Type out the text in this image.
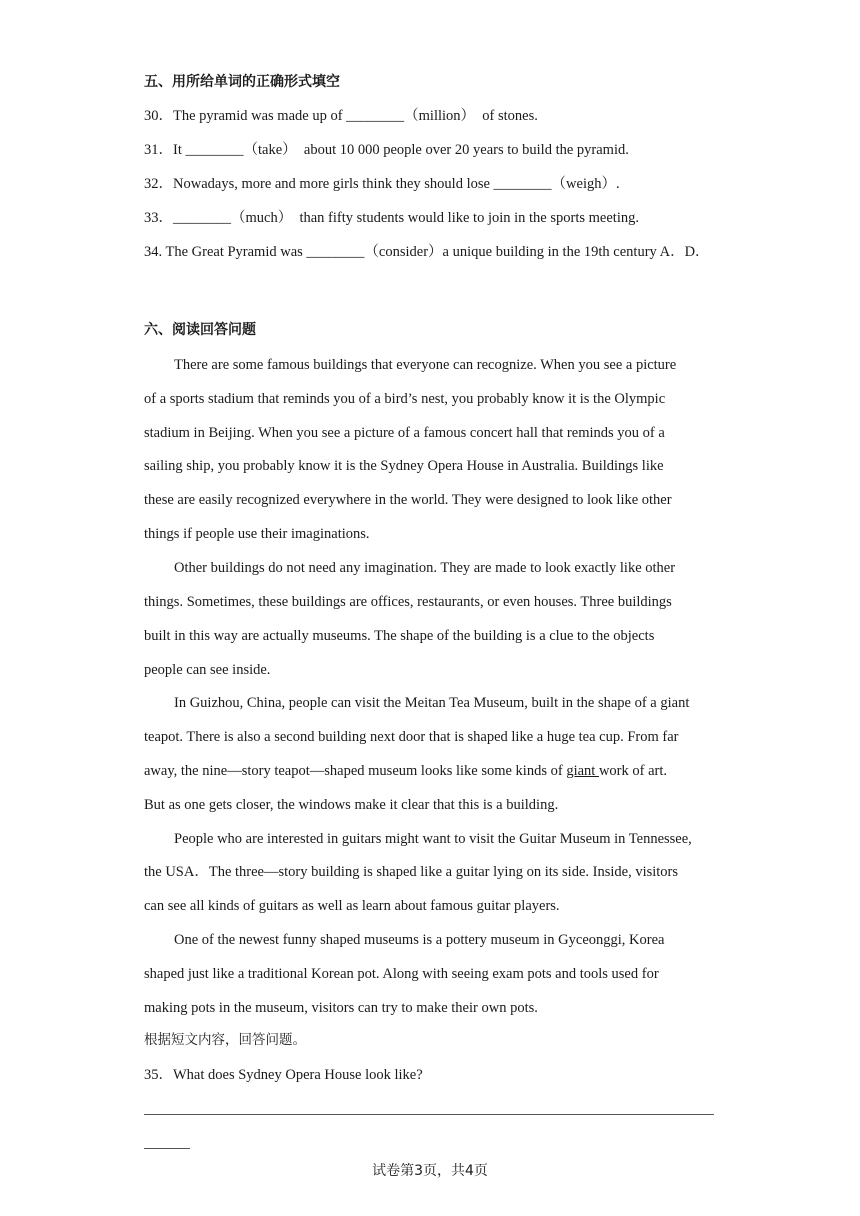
五、用所给单词的正确形式填空
30．The pyramid was made up of ________（million）  of stones.
31．It ________（take）  about 10 000 people over 20 years to build the pyramid.
32．Nowadays, more and more girls think they should lose ________（weigh）.
33．________（much）  than fifty students would like to join in the sports meeting.
34. The Great Pyramid was ________（consider）a unique building in the 19th century A．D．
六、阅读回答问题
There are some famous buildings that everyone can recognize. When you see a picture
of a sports stadium that reminds you of a bird’s nest, you probably know it is the Olympic
stadium in Beijing. When you see a picture of a famous concert hall that reminds you of a
sailing ship, you probably know it is the Sydney Opera House in Australia. Buildings like
these are easily recognized everywhere in the world. They were designed to look like other
things if people use their imaginations.
Other buildings do not need any imagination. They are made to look exactly like other
things. Sometimes, these buildings are offices, restaurants, or even houses. Three buildings
built in this way are actually museums. The shape of the building is a clue to the objects
people can see inside.
In Guizhou, China, people can visit the Meitan Tea Museum, built in the shape of a giant
teapot. There is also a second building next door that is shaped like a huge tea cup. From far
away, the nine—story teapot—shaped museum looks like some kinds of giant work of art.
But as one gets closer, the windows make it clear that this is a building.
People who are interested in guitars might want to visit the Guitar Museum in Tennessee,
the USA．The three—story building is shaped like a guitar lying on its side. Inside, visitors
can see all kinds of guitars as well as learn about famous guitar players.
One of the newest funny shaped museums is a pottery museum in Gyceonggi, Korea
shaped just like a traditional Korean pot. Along with seeing exam pots and tools used for
making pots in the museum, visitors can try to make their own pots.
根据短文内容，回答问题。
35．What does Sydney Opera House look like?
试卷第3页，共4页
